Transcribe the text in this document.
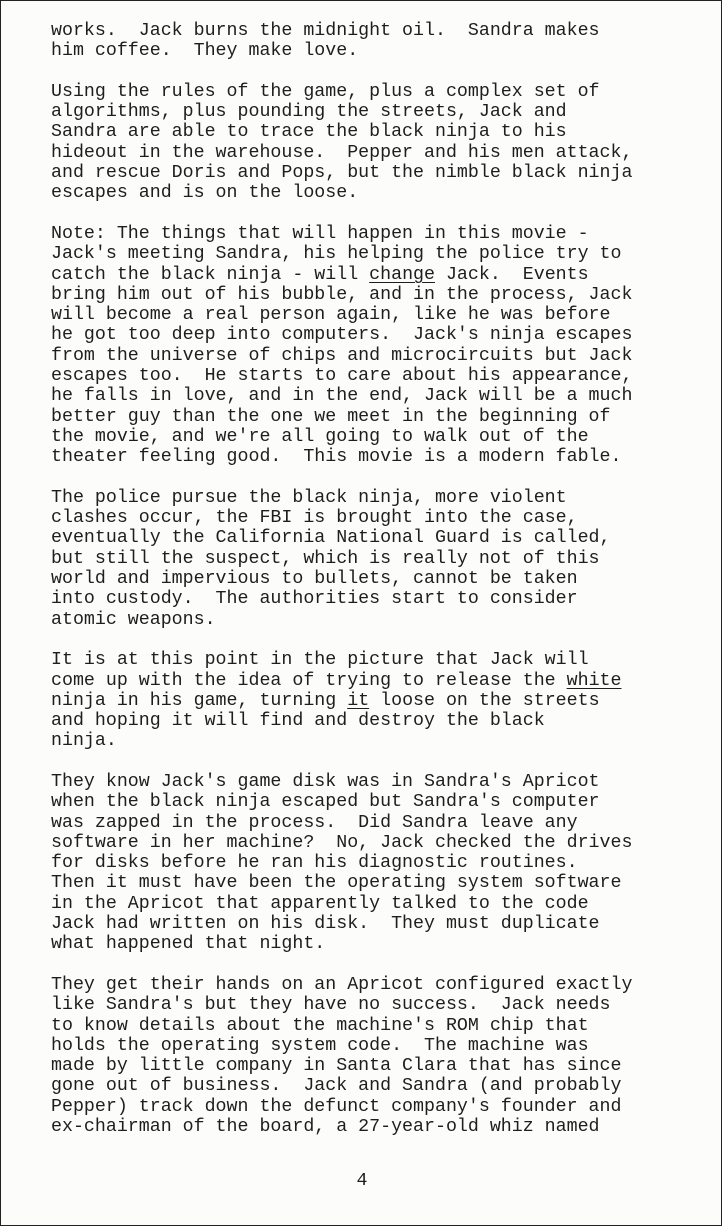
works.  Jack burns the midnight oil.  Sandra makes
him coffee.  They make love.
Using the rules of the game, plus a complex set of
algorithms, plus pounding the streets, Jack and
Sandra are able to trace the black ninja to his
hideout in the warehouse.  Pepper and his men attack,
and rescue Doris and Pops, but the nimble black ninja
escapes and is on the loose.
Note: The things that will happen in this movie -
Jack's meeting Sandra, his helping the police try to
catch the black ninja - will change Jack.  Events
bring him out of his bubble, and in the process, Jack
will become a real person again, like he was before
he got too deep into computers.  Jack's ninja escapes
from the universe of chips and microcircuits but Jack
escapes too.  He starts to care about his appearance,
he falls in love, and in the end, Jack will be a much
better guy than the one we meet in the beginning of
the movie, and we're all going to walk out of the
theater feeling good.  This movie is a modern fable.
The police pursue the black ninja, more violent
clashes occur, the FBI is brought into the case,
eventually the California National Guard is called,
but still the suspect, which is really not of this
world and impervious to bullets, cannot be taken
into custody.  The authorities start to consider
atomic weapons.
It is at this point in the picture that Jack will
come up with the idea of trying to release the white
ninja in his game, turning it loose on the streets
and hoping it will find and destroy the black
ninja.
They know Jack's game disk was in Sandra's Apricot
when the black ninja escaped but Sandra's computer
was zapped in the process.  Did Sandra leave any
software in her machine?  No, Jack checked the drives
for disks before he ran his diagnostic routines.
Then it must have been the operating system software
in the Apricot that apparently talked to the code
Jack had written on his disk.  They must duplicate
what happened that night.
They get their hands on an Apricot configured exactly
like Sandra's but they have no success.  Jack needs
to know details about the machine's ROM chip that
holds the operating system code.  The machine was
made by little company in Santa Clara that has since
gone out of business.  Jack and Sandra (and probably
Pepper) track down the defunct company's founder and
ex-chairman of the board, a 27-year-old whiz named
4
